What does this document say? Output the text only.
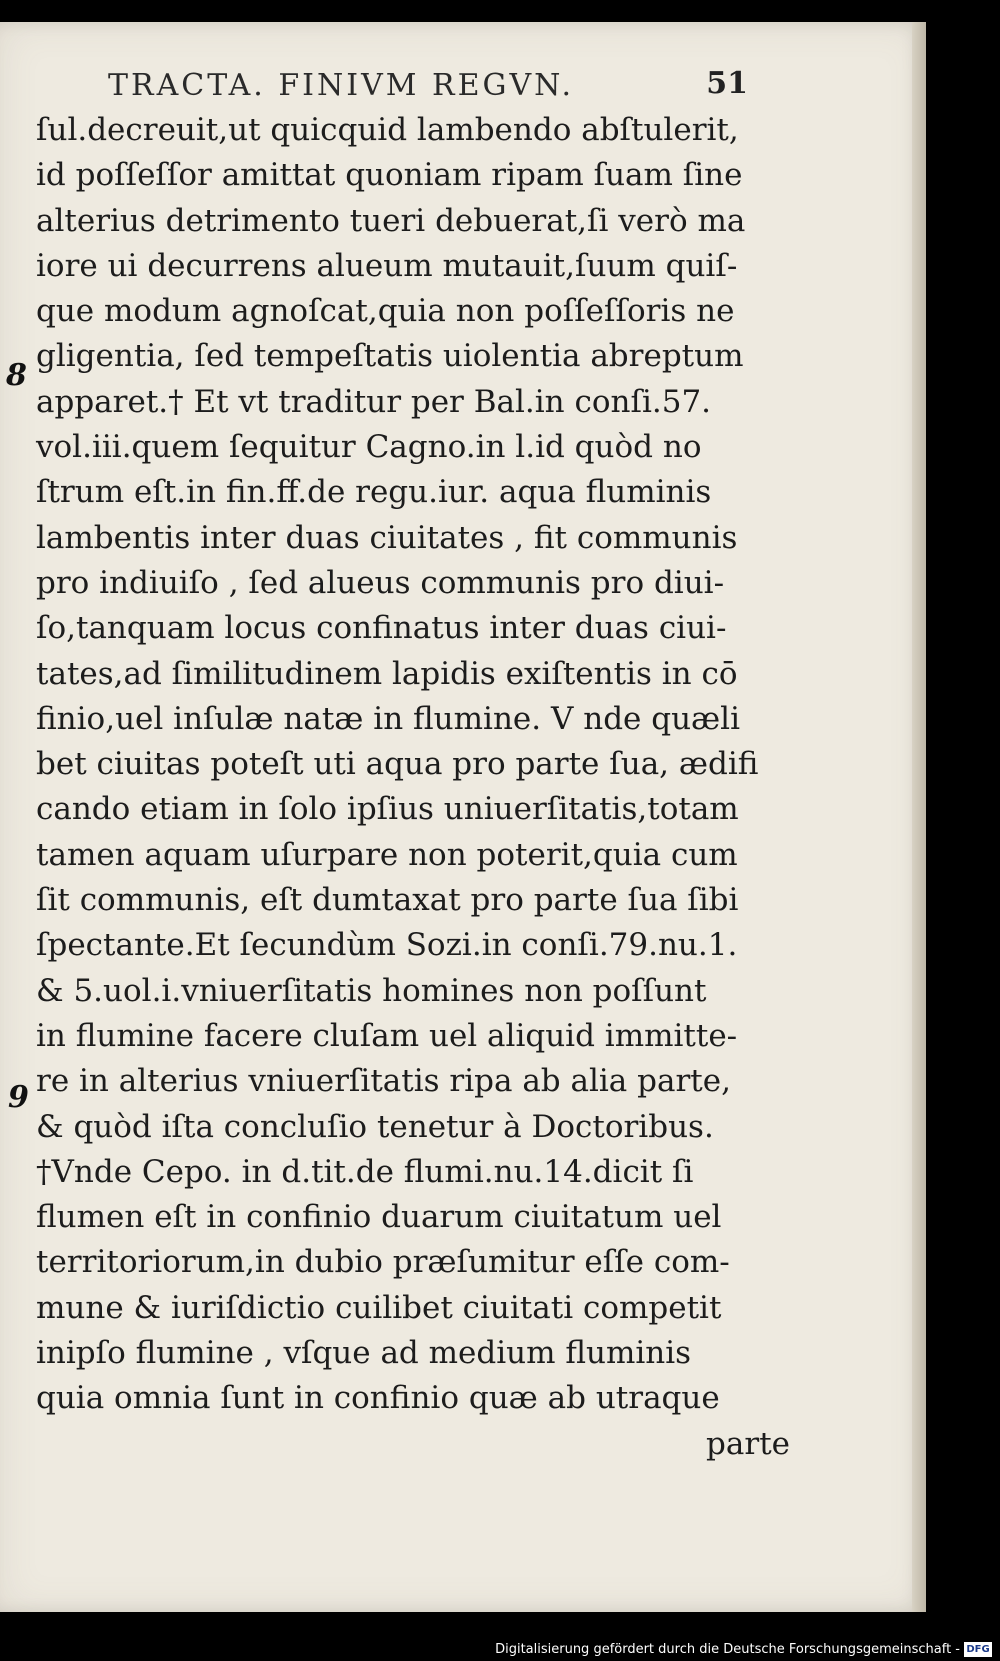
TRACTA. FINIVM REGVN.	51
8
9
ſul.decreuit,ut quicquid lambendo abſtulerit,
id poſſeſſor amittat quoniam ripam ſuam ſine
alterius detrimento tueri debuerat,ſi verò ma
iore ui decurrens alueum mutauit,ſuum quiſ-
que modum agnoſcat,quia non poſſeſſoris ne
gligentia, ſed tempeſtatis uiolentia abreptum
apparet.† Et vt traditur per Bal.in conſi.57.
vol.iii.quem ſequitur Cagno.in l.id quòd no
ſtrum eſt.in fin.ff.de regu.iur. aqua fluminis
lambentis inter duas ciuitates , fit communis
pro indiuiſo , ſed alueus communis pro diui-
ſo,tanquam locus confinatus inter duas ciui-
tates,ad ſimilitudinem lapidis exiſtentis in cō
finio,uel inſulæ natæ in flumine. V nde quæli
bet ciuitas poteſt uti aqua pro parte ſua, ædifi
cando etiam in ſolo ipſius uniuerſitatis,totam
tamen aquam uſurpare non poterit,quia cum
ſit communis, eſt dumtaxat pro parte ſua ſibi
ſpectante.Et ſecundùm Sozi.in conſi.79.nu.1.
& 5.uol.i.vniuerſitatis homines non poſſunt
in flumine facere cluſam uel aliquid immitte-
re in alterius vniuerſitatis ripa ab alia parte,
& quòd iſta concluſio tenetur à Doctoribus.
†Vnde Cepo. in d.tit.de flumi.nu.14.dicit ſi
flumen eſt in confinio duarum ciuitatum uel
territoriorum,in dubio præſumitur eſſe com-
mune & iuriſdictio cuilibet ciuitati competit
inipſo flumine , vſque ad medium fluminis
quia omnia ſunt in confinio quæ ab utraque
parte
Digitalisierung gefördert durch die Deutsche Forschungsgemeinschaft - DFG
